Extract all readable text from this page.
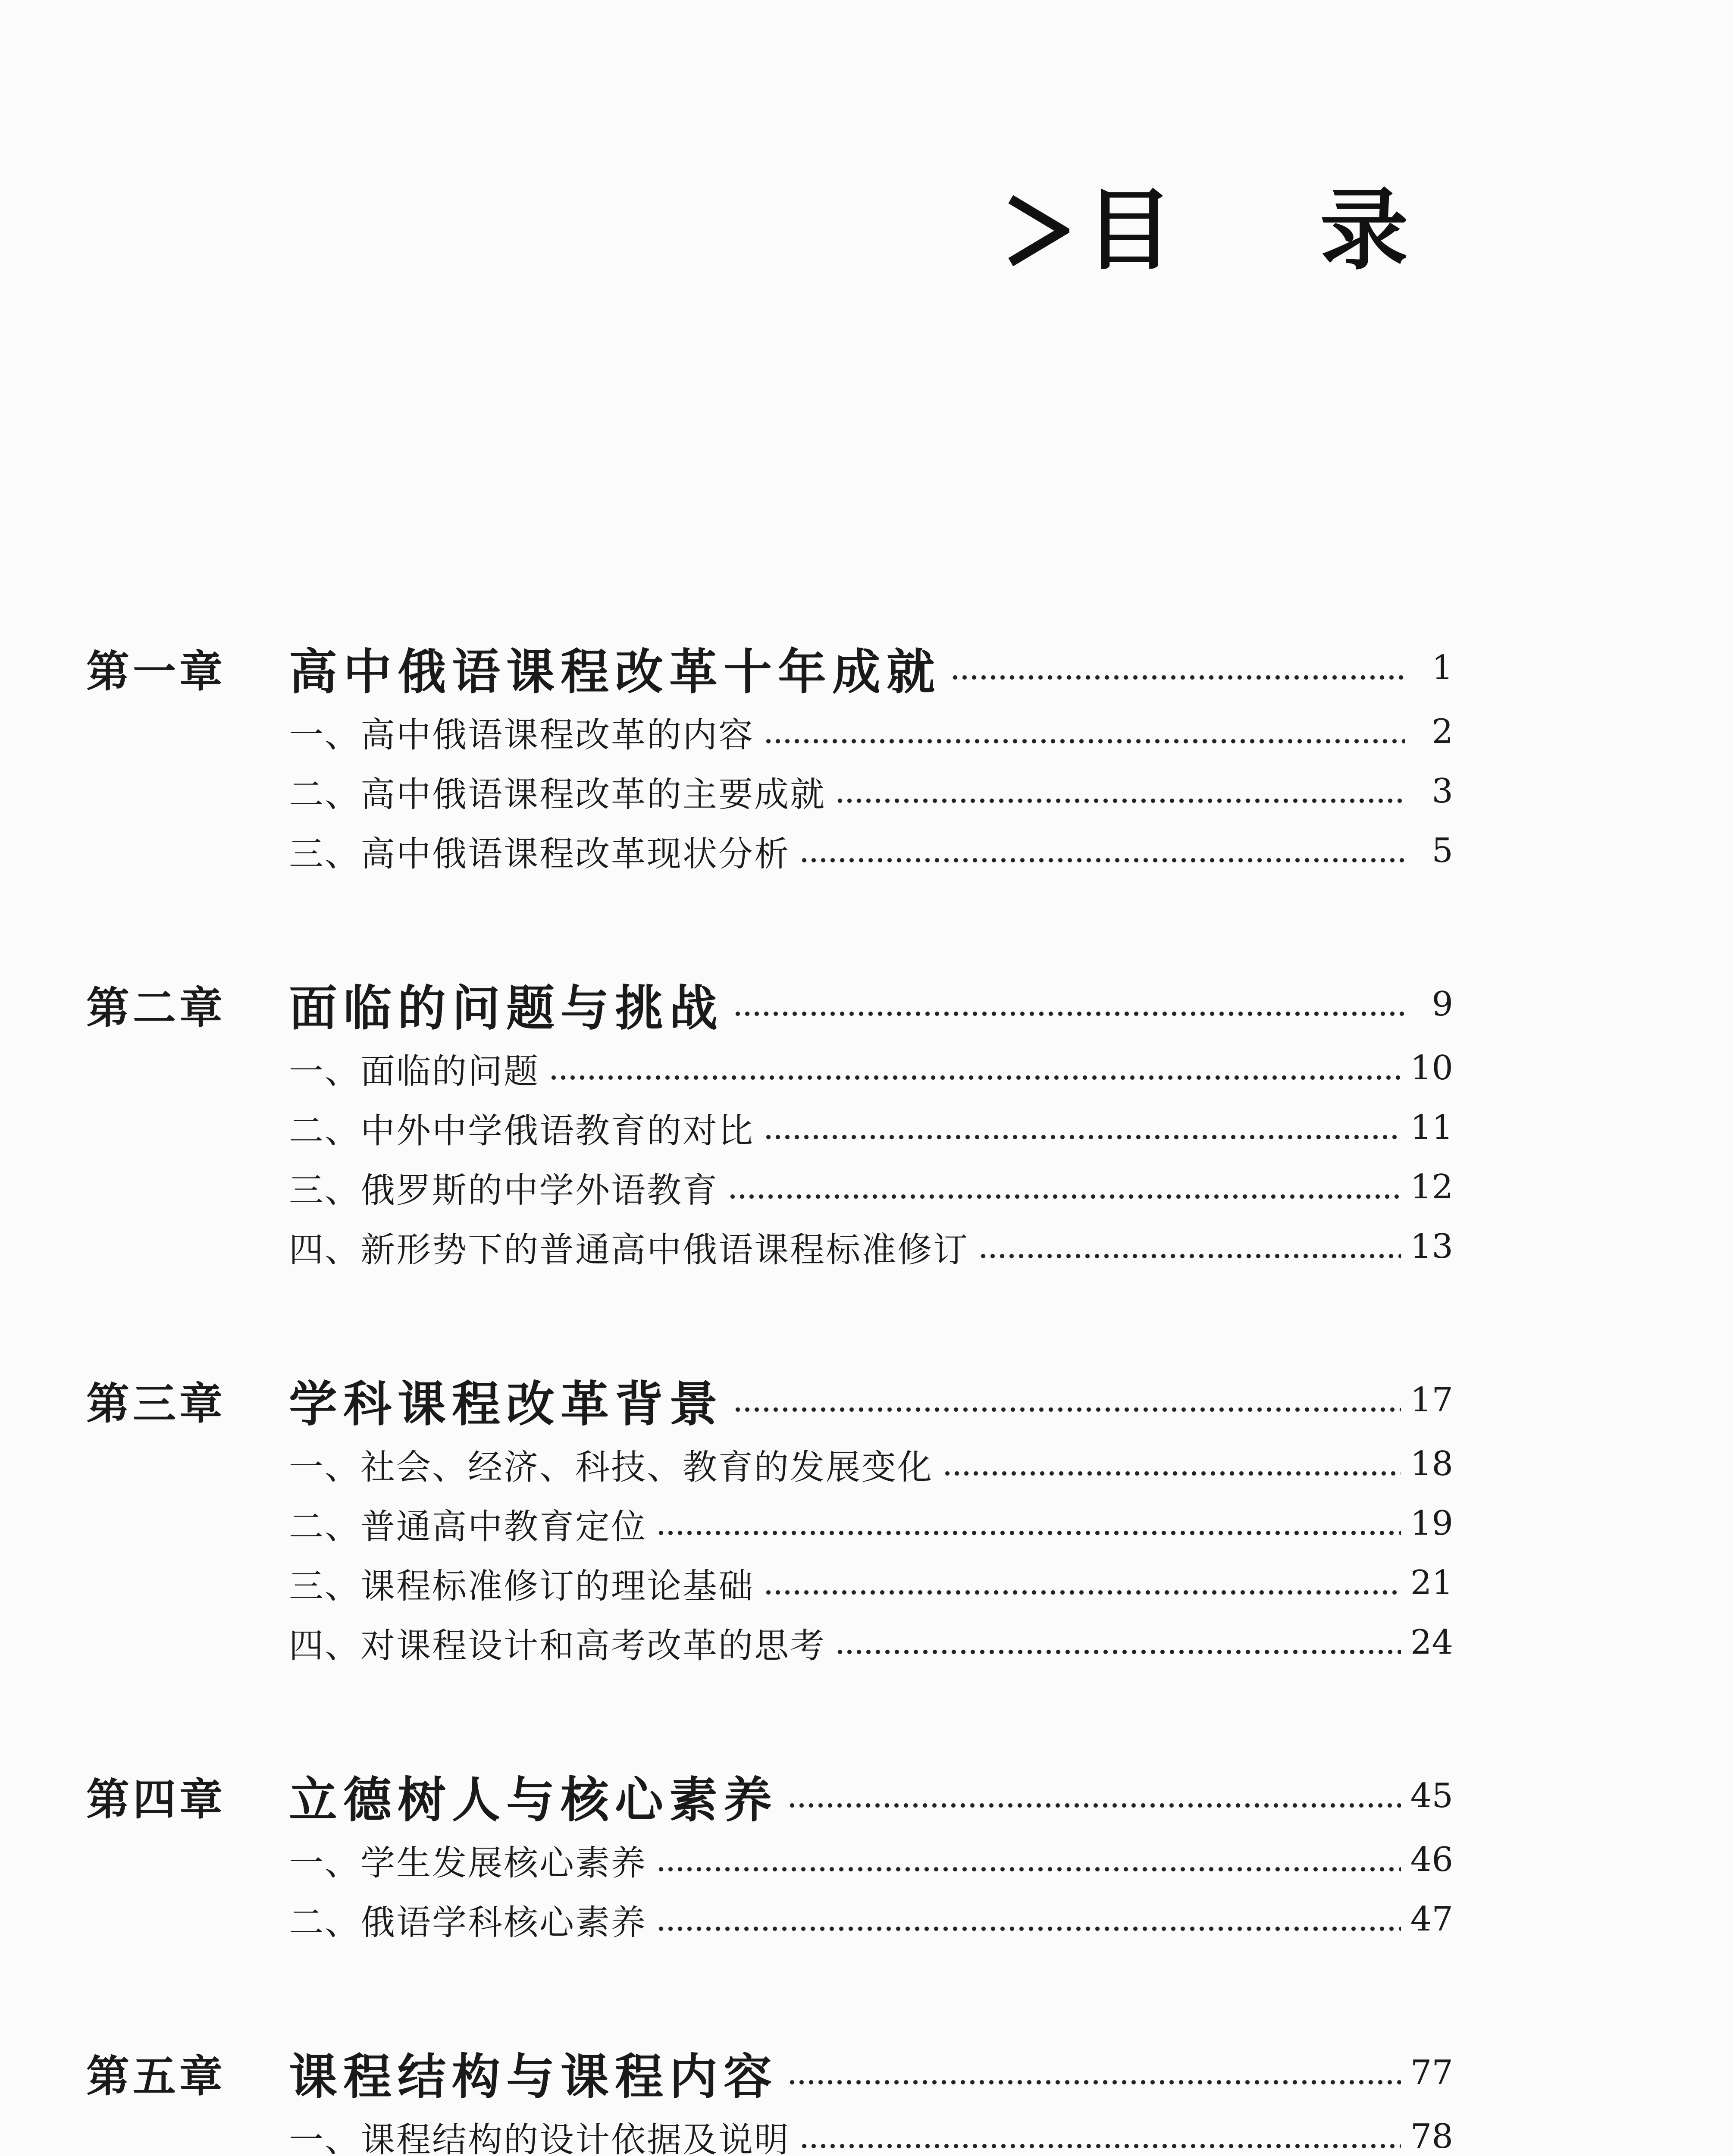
目录
第一章	高中俄语课程改革十年成就	1
一、高中俄语课程改革的内容	2
二、高中俄语课程改革的主要成就	3
三、高中俄语课程改革现状分析	5
第二章	面临的问题与挑战	9
一、面临的问题	10
二、中外中学俄语教育的对比	11
三、俄罗斯的中学外语教育	12
四、新形势下的普通高中俄语课程标准修订	13
第三章	学科课程改革背景	17
一、社会、经济、科技、教育的发展变化	18
二、普通高中教育定位	19
三、课程标准修订的理论基础	21
四、对课程设计和高考改革的思考	24
第四章	立德树人与核心素养	45
一、学生发展核心素养	46
二、俄语学科核心素养	47
第五章	课程结构与课程内容	77
一、课程结构的设计依据及说明	78
